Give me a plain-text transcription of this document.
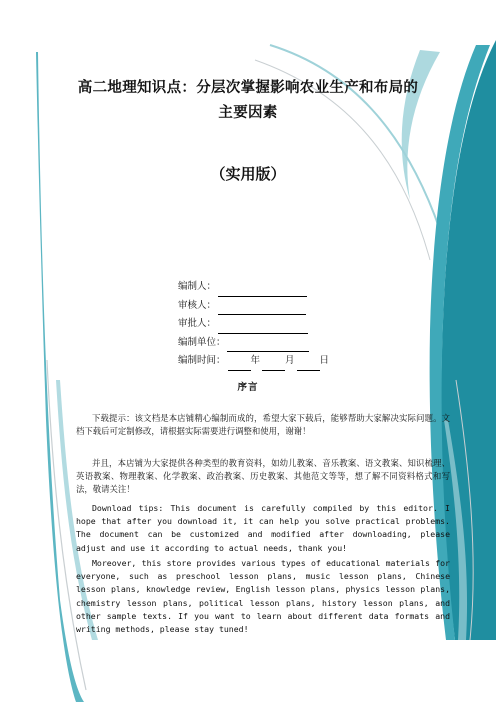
高二地理知识点：分层次掌握影响农业生产和布局的
主要因素
（实用版）
编制人：
审核人：
审批人：
编制单位：
编制时间：	年	月	日
序言

下载提示：该文档是本店铺精心编制而成的，希望大家下载后，能够帮助大家解决实际问题。文档下载后可定制修改，请根据实际需要进行调整和使用，谢谢！

并且，本店铺为大家提供各种类型的教育资料，如幼儿教案、音乐教案、语文教案、知识梳理、英语教案、物理教案、化学教案、政治教案、历史教案、其他范文等等，想了解不同资料格式和写法，敬请关注！

Download tips: This document is carefully compiled by this editor. I hope that after you download it, it can help you solve practical problems. The document can be customized and modified after downloading, please adjust and use it according to actual needs, thank you!

Moreover, this store provides various types of educational materials for everyone, such as preschool lesson plans, music lesson plans, Chinese lesson plans, knowledge review, English lesson plans, physics lesson plans, chemistry lesson plans, political lesson plans, history lesson plans, and other sample texts. If you want to learn about different data formats and writing methods, please stay tuned!
